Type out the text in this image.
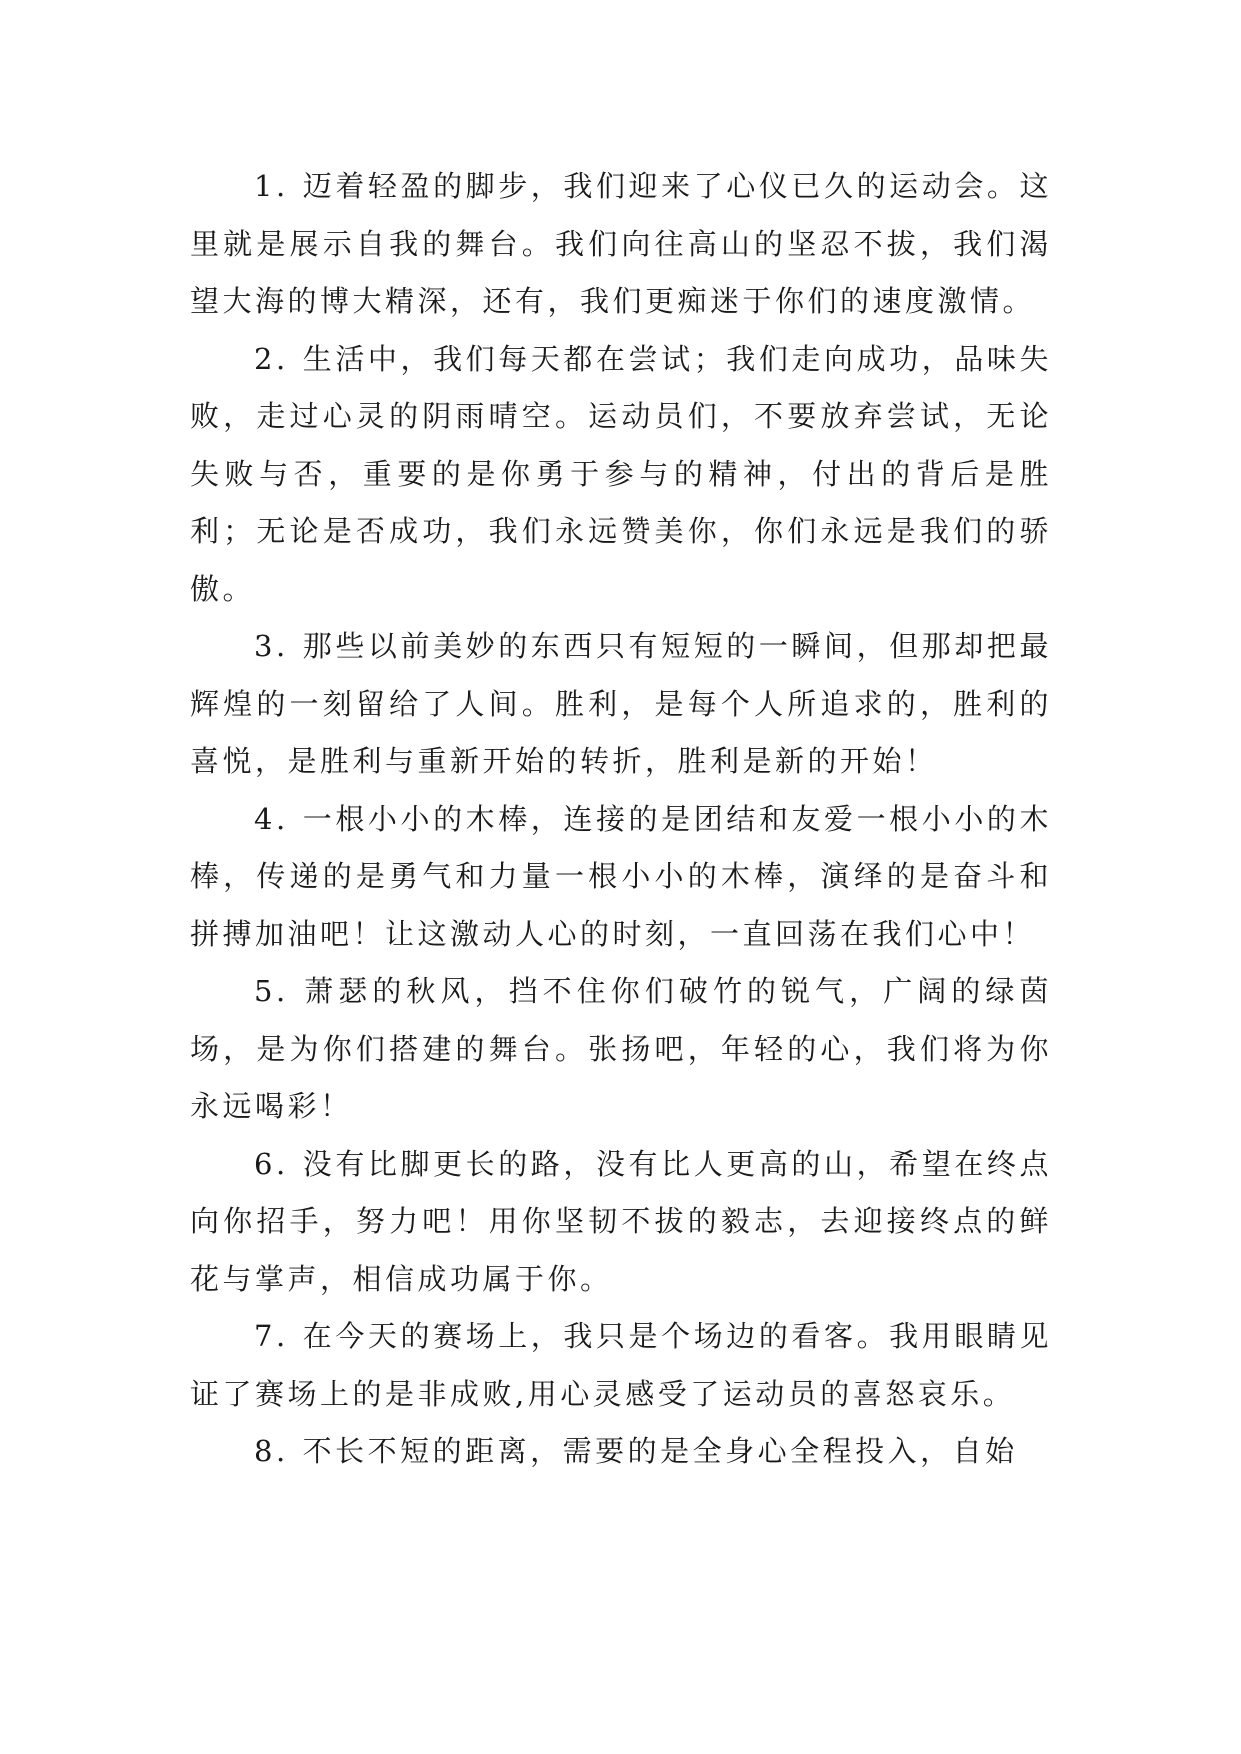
1. 迈着轻盈的脚步，我们迎来了心仪已久的运动会。这里就是展示自我的舞台。我们向往高山的坚忍不拔，我们渴望大海的博大精深，还有，我们更痴迷于你们的速度激情。

2. 生活中，我们每天都在尝试；我们走向成功，品味失败，走过心灵的阴雨晴空。运动员们，不要放弃尝试，无论失败与否，重要的是你勇于参与的精神，付出的背后是胜利；无论是否成功，我们永远赞美你，你们永远是我们的骄傲。

3. 那些以前美妙的东西只有短短的一瞬间，但那却把最辉煌的一刻留给了人间。胜利，是每个人所追求的，胜利的喜悦，是胜利与重新开始的转折，胜利是新的开始！

4. 一根小小的木棒，连接的是团结和友爱一根小小的木棒，传递的是勇气和力量一根小小的木棒，演绎的是奋斗和拼搏加油吧！让这激动人心的时刻，一直回荡在我们心中！

5. 萧瑟的秋风，挡不住你们破竹的锐气，广阔的绿茵场，是为你们搭建的舞台。张扬吧，年轻的心，我们将为你永远喝彩！

6. 没有比脚更长的路，没有比人更高的山，希望在终点向你招手，努力吧！用你坚韧不拔的毅志，去迎接终点的鲜花与掌声，相信成功属于你。

7. 在今天的赛场上，我只是个场边的看客。我用眼睛见证了赛场上的是非成败,用心灵感受了运动员的喜怒哀乐。

8. 不长不短的距离，需要的是全身心全程投入，自始
